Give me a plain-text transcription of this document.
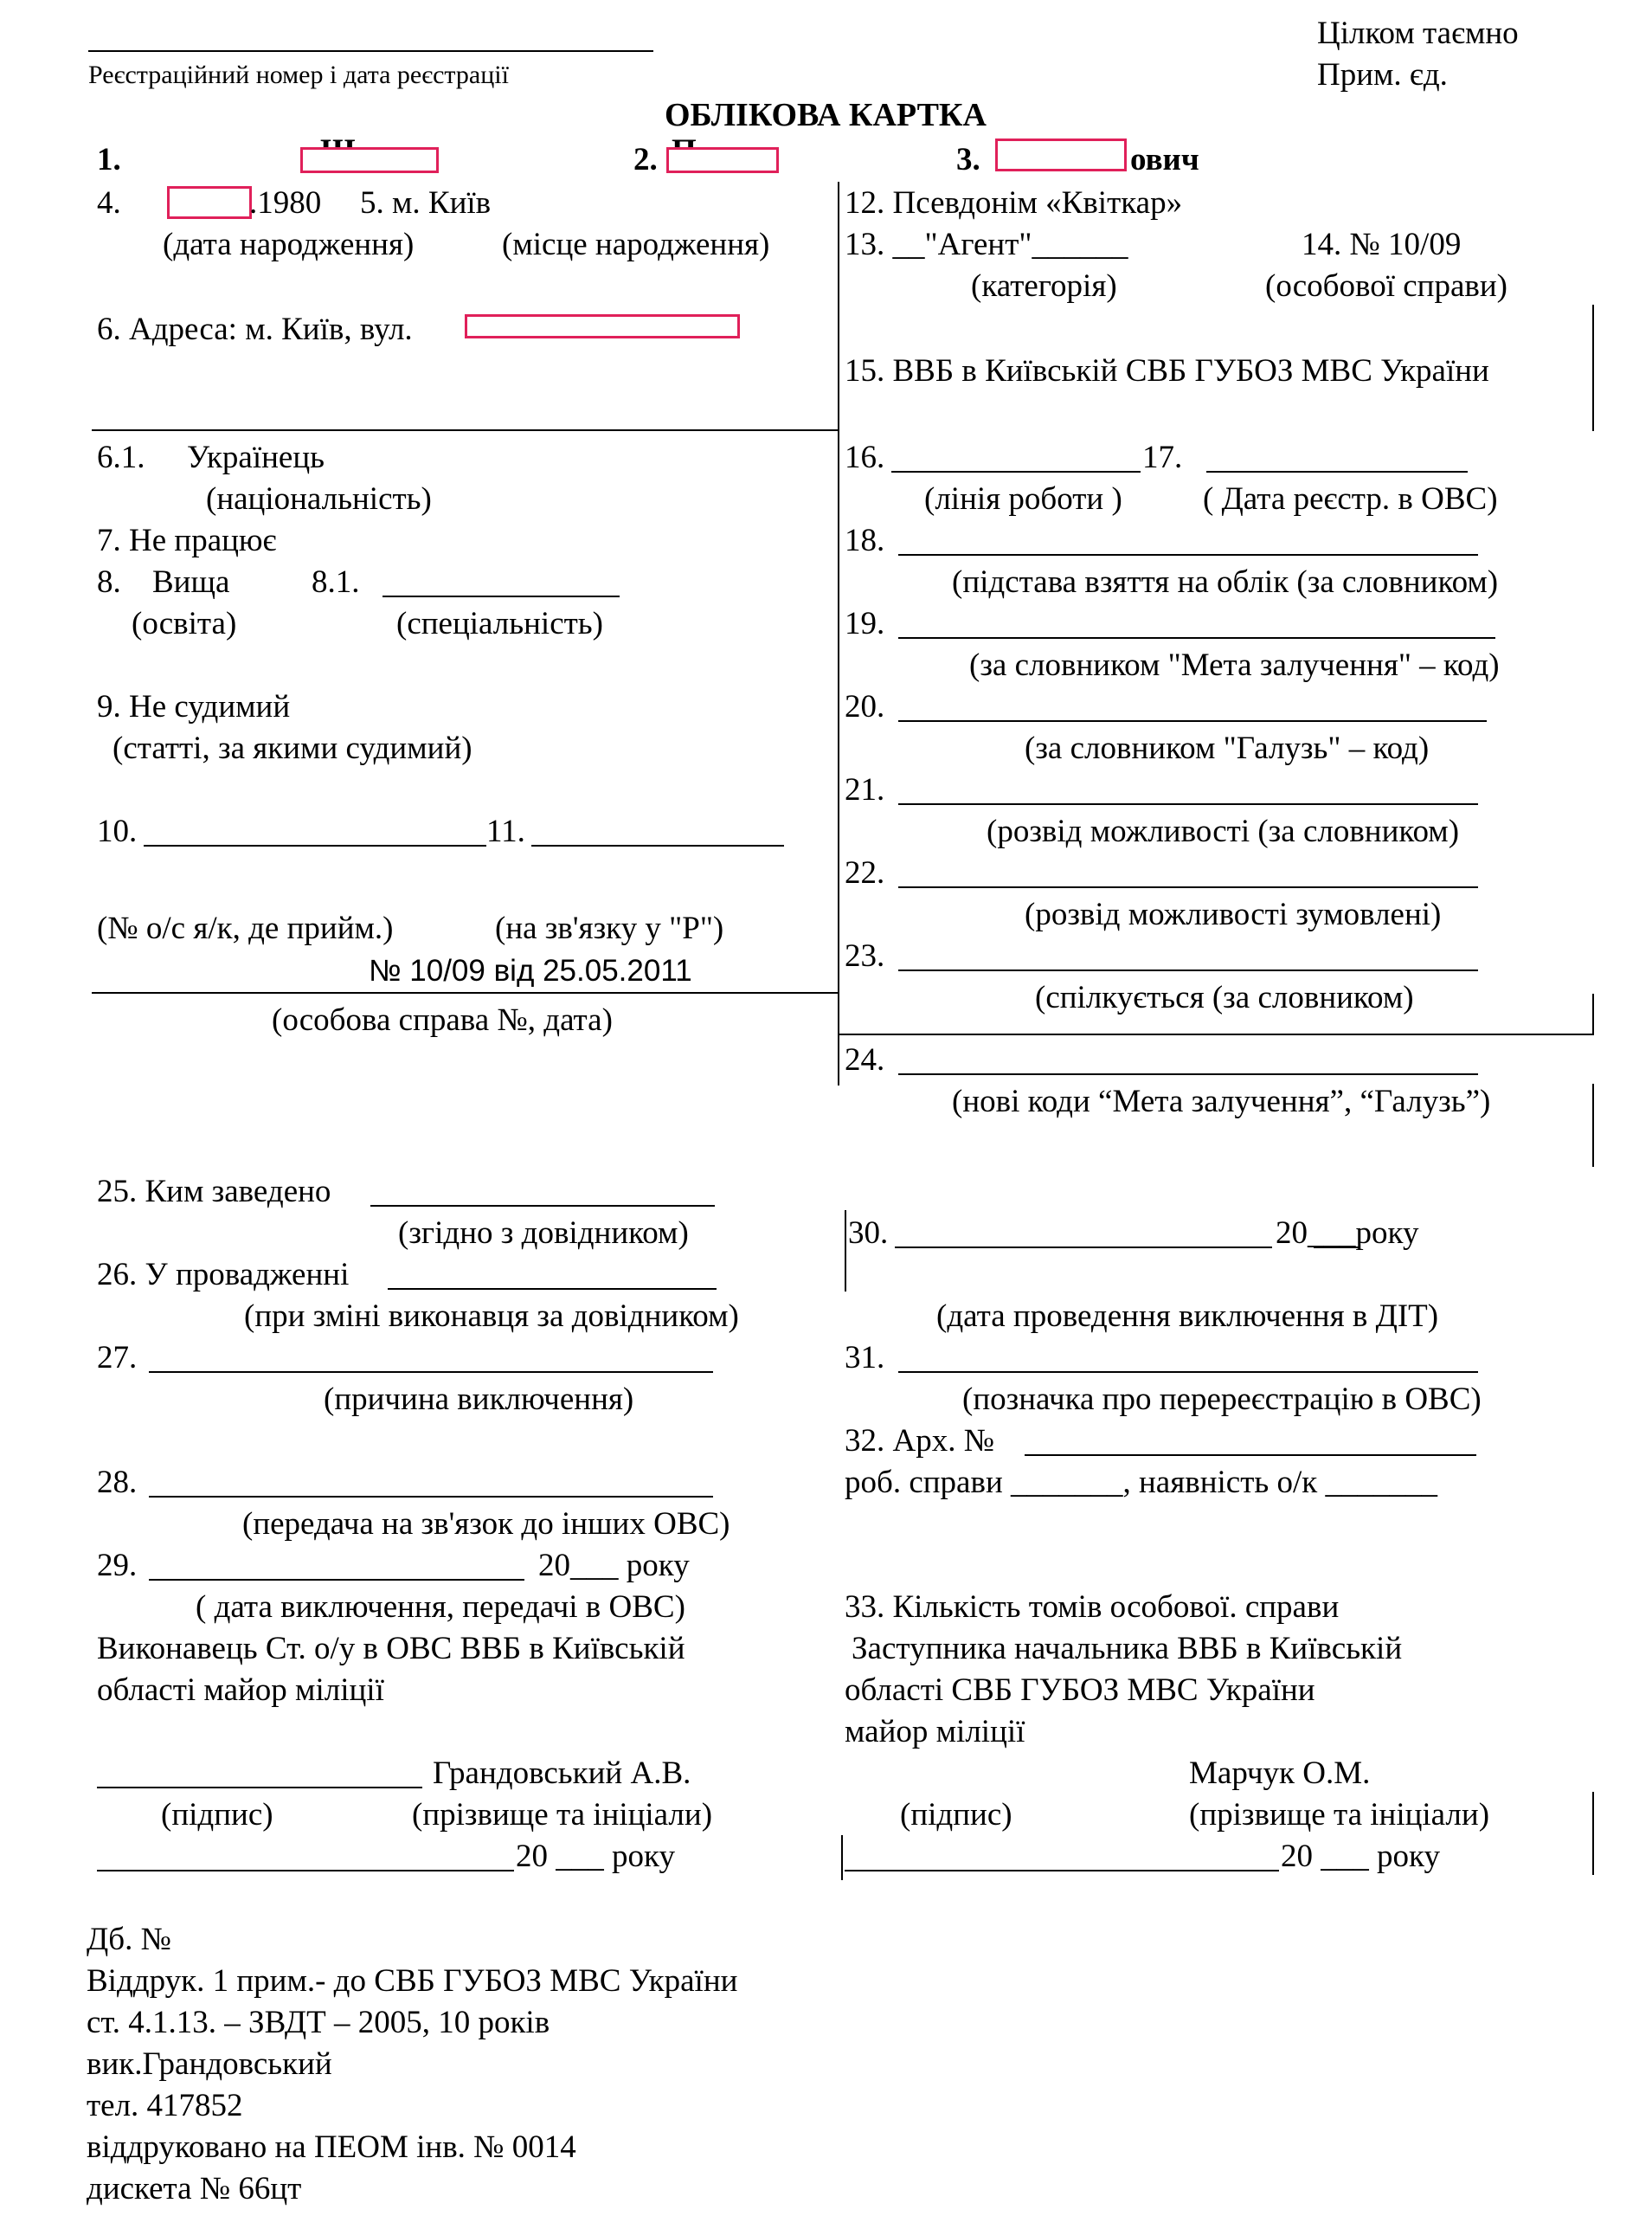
Реєстраційний номер і дата реєстрації
Цілком таємно
Прим. єд.
ОБЛІКОВА КАРТКА
1.	2.	3.	ович
4.	.1980 5. м. Київ
(дата народження)	(місце народження)
6. Адреса: м. Київ, вул.
6.1. Українець
(національність)
7. Не працює
8. Вища	8.1.
(освіта)	(спеціальність)
9. Не судимий
(статті, за якими судимий)
10.	11.
(№ о/с я/к, де прийм.)	(на зв'язку у "Р")
№ 10/09 від 25.05.2011
(особова справа №, дата)
12. Псевдонім «Квіткар»
13. __"Агент"______	14. № 10/09
(категорія)	(особової справи)
15. ВВБ в Київській СВБ ГУБОЗ МВС України
16.	17.
(лінія роботи )	( Дата реєстр. в ОВС)
18.
(підстава взяття на облік (за словником)
19.
(за словником "Мета залучення" – код)
20.
(за словником "Галузь" – код)
21.
(розвід можливості (за словником)
22.
(розвід можливості зумовлені)
23.
(спілкується (за словником)
24.
(нові коди “Мета залучення”, “Галузь”)
25. Ким заведено
(згідно з довідником)
26. У провадженні
(при зміні виконавця за довідником)
27.
(причина виключення)
28.
(передача на зв'язок до інших ОВС)
29.	20___ року
( дата виключення, передачі в ОВС)
Виконавець Ст. о/у в ОВС ВВБ в Київській
області майор міліції
Грандовський А.В.
(підпис)	(прізвище та ініціали)
20 ___ року
30.	20___року
(дата проведення виключення в ДІТ)
31.
(позначка про перереєстрацію в ОВС)
32. Арх. №
роб. справи _______, наявність о/к _______
33. Кількість томів особової. справи
Заступника начальника ВВБ в Київській
області СВБ ГУБОЗ МВС України
майор міліції
Марчук О.М.
(підпис)	(прізвище та ініціали)
20 ___ року
Дб. №
Віддрук. 1 прим.- до СВБ ГУБОЗ МВС України
ст. 4.1.13. – ЗВДТ – 2005, 10 років
вик.Грандовський
тел. 417852
віддруковано на ПЕОМ інв. № 0014
дискета № 66цт
